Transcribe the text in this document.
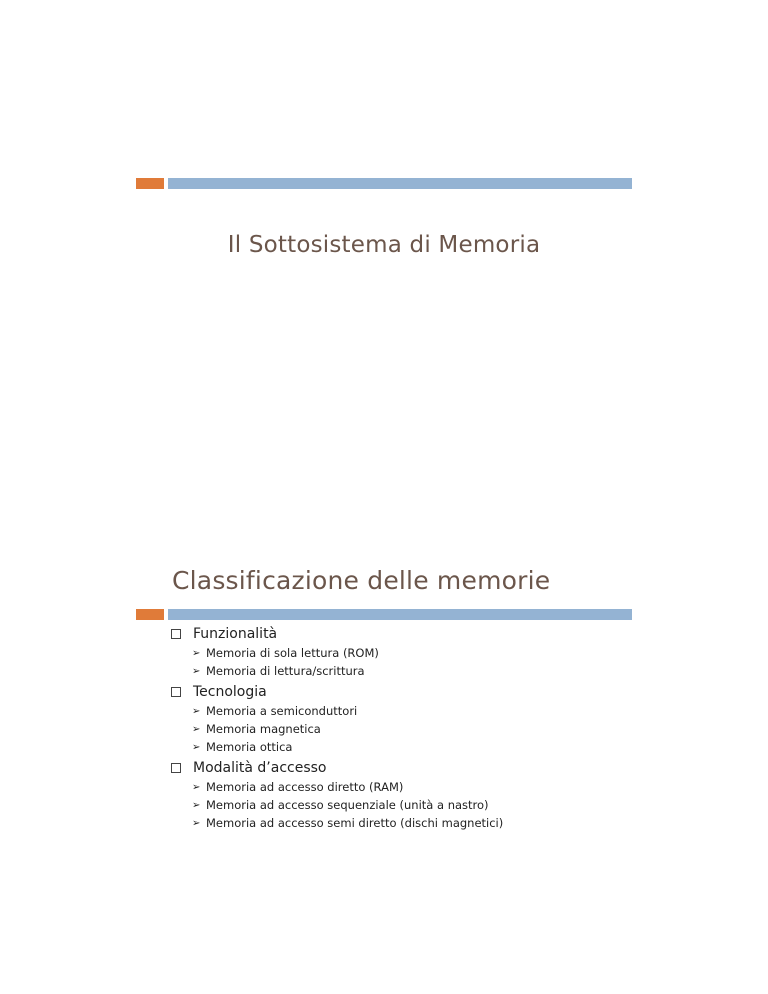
Il Sottosistema di Memoria
Classificazione delle memorie
Funzionalità
➢ Memoria di sola lettura (ROM)
➢ Memoria di lettura/scrittura
Tecnologia
➢ Memoria a semiconduttori
➢ Memoria magnetica
➢ Memoria ottica
Modalità d’accesso
➢ Memoria ad accesso diretto (RAM)
➢ Memoria ad accesso sequenziale (unità a nastro)
➢ Memoria ad accesso semi diretto (dischi magnetici)
